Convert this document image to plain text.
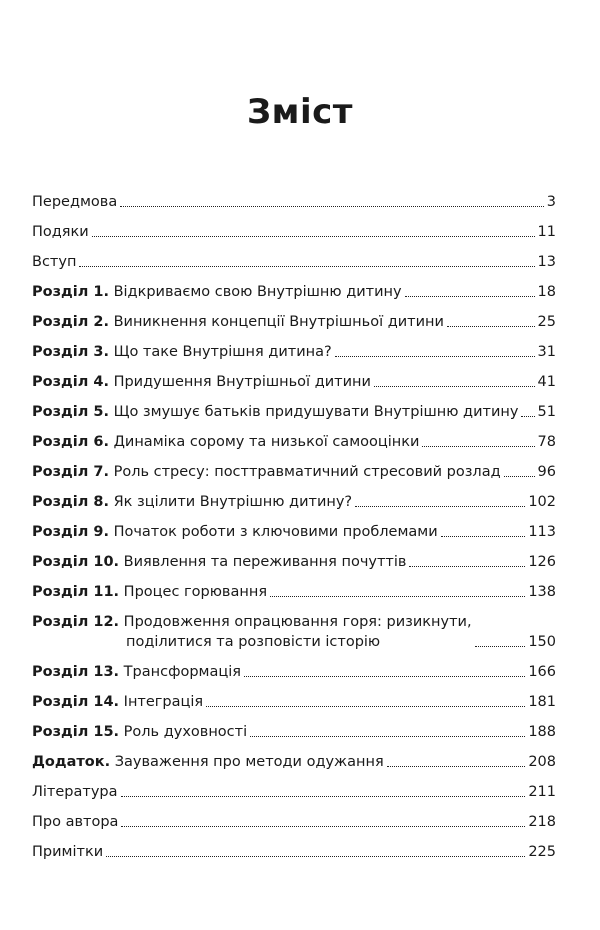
Зміст
Передмова	3
Подяки	11
Вступ	13
Розділ 1. Відкриваємо свою Внутрішню дитину	18
Розділ 2. Виникнення концепції Внутрішньої дитини	25
Розділ 3. Що таке Внутрішня дитина?	31
Розділ 4. Придушення Внутрішньої дитини	41
Розділ 5. Що змушує батьків придушувати Внутрішню дитину 51
Розділ 6. Динаміка сорому та низької самооцінки	78
Розділ 7. Роль стресу: посттравматичний стресовий розлад	96
Розділ 8. Як зцілити Внутрішню дитину?	102
Розділ 9. Початок роботи з ключовими проблемами	113
Розділ 10. Виявлення та переживання почуттів	126
Розділ 11. Процес горювання	138
Розділ 12. Продовження опрацювання горя: ризикнути,
поділитися та розповісти історію	150
Розділ 13. Трансформація	166
Розділ 14. Інтеграція	181
Розділ 15. Роль духовності	188
Додаток. Зауваження про методи одужання	208
Література	211
Про автора	218
Примітки	225
